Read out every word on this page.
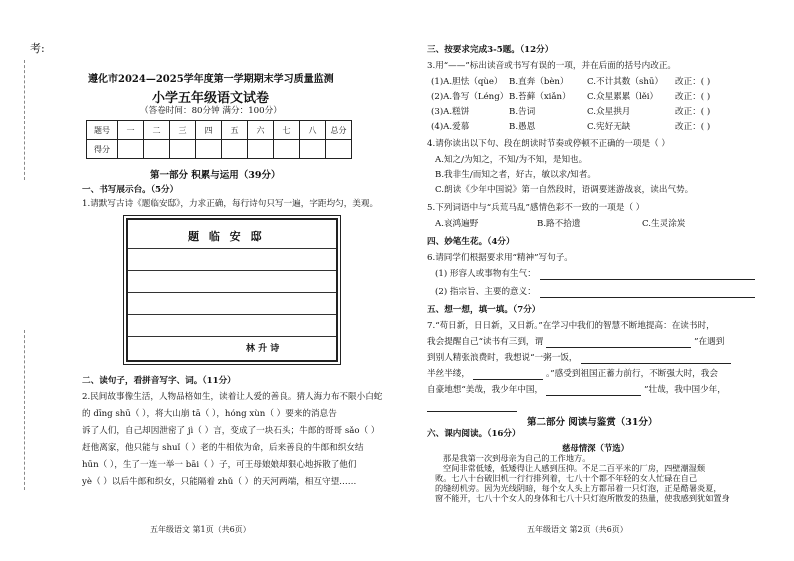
考:
遵化市2024—2025学年度第一学期期末学习质量监测
小学五年级语文试卷
（答卷时间：80分钟 满分：100分）
题号	一	二	三	四	五	六	七	八	总分
得分									
第一部分 积累与运用（39分）
一、书写展示台。（5分）
1.请默写古诗《题临安邸》，力求正确，每行诗句只写一遍，字距均匀，美观。
题 临 安 邸
林 升 诗
二、读句子，看拼音写字、词。（11分）
2.民间故事像生活，人物品格如生，读着让人爱的善良。猜人海力布不限小白蛇
的 dīng shū（ ），将大山崩 tā（ ），hóng xùn（ ）要来的消息告
诉了人们，自己却因泄密了 jì（ ）言，变成了一块石头；牛郎的哥哥 sǎo（ ）
赶他离家，他只能与 shuǐ（ ）老的牛相依为命，后来善良的牛郎和织女结
hūn（ ），生了一连一举一 bāi（ ）子，可王母娘娘却狠心地拆散了他们
yè（ ）以后牛郎和织女，只能隔着 zhǔ（ ）的天河两端，相互守望……
五年级语文 第1页（共6页）
三、按要求完成3-5题。（12分）
3.用“——”标出读音或书写有误的一项，并在后面的括号内改正。
(1)A.胆怯（qùe） B.直奔（bèn） C.不计其数（shū） 改正：( )
(2)A.鲁写（Léng） B.苔藓（xiǎn） C.众星累累（lěi） 改正：( )
(3)A.糕饼	B.告词	C.众星拱月	改正：( )
(4)A.爱慕	B.愚恩	C.宪好无缺	改正：( )
4.请你读出以下句、段在朗读时节奏或停顿不正确的一项是（ ）
A.知之/为知之，不知/为不知，是知也。
B.我非生/而知之者，好古，敏以求/知者。
C.朗读《少年中国说》第一自然段时，语调要迷游战哀，读出气势。
5.下列词语中与“兵荒马乱”感情色彩不一致的一项是（ ）
A.哀鸿遍野	B.路不拾遗	C.生灵涂炭
四、妙笔生花。（4分）
6.请同学们根据要求用“精神”写句子。
(1) 形容人或事物有生气：
(2) 指宗旨、主要的意义：
五、想一想，填一填。（7分）
7.“苟日新，日日新，又日新。”在学习中我们的智慧不断地提高：在读书时，
我会提醒自己“读书有三到，谓	”在遇到
到别人精张浪费时，我想说“一粥一饭，
半丝半缕，	。”感受到祖国正蓄力前行，不断强大时，我会
自豪地想“美哉，我少年中国，	”壮哉，我中国少年，
第二部分 阅读与鉴赏（31分）
六、课内阅读。（16分）
慈母情深（节选）
那是我第一次到母亲为自己的工作地方。
空间非常低矮，低矮得让人感到压抑。不足二百平米的厂房，四壁潮湿颓
败。七八十台破旧机一行行排列着，七八十个都不年轻的女人忙碌在自己
的缝纫机旁。因为光线阴暗，每个女人头上方都吊着一只灯泡，正是酷暑炎夏，
窗不能开，七八十个女人的身体和七八十只灯泡所散发的热量，使我感到犹如置身
五年级语文 第2页（共6页）
